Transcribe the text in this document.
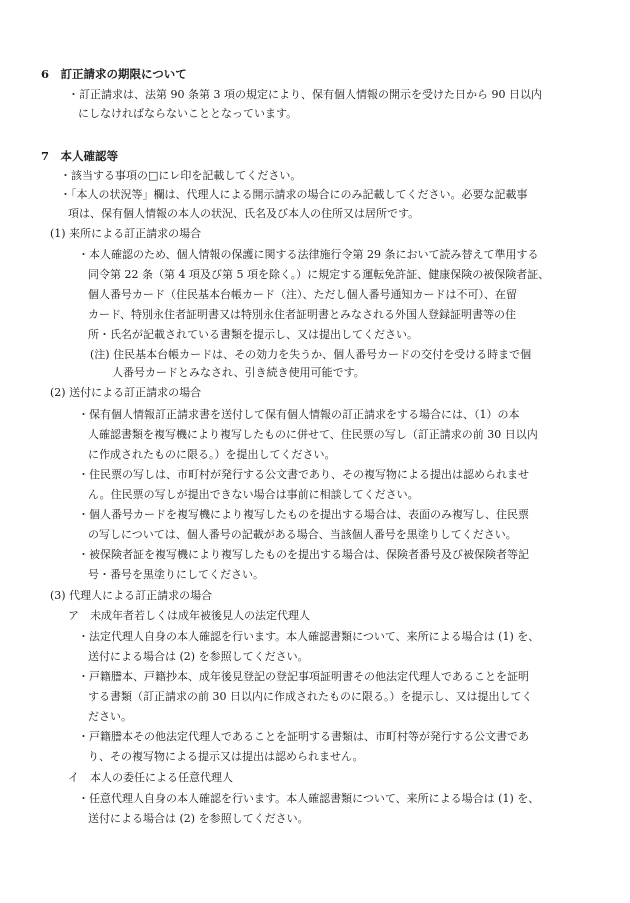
6　訂正請求の期限について
・訂正請求は、法第 90 条第 3 項の規定により、保有個人情報の開示を受けた日から 90 日以内
にしなければならないこととなっています。
7　本人確認等
・該当する事項の□にレ印を記載してください。
・「本人の状況等」欄は、代理人による開示請求の場合にのみ記載してください。必要な記載事
項は、保有個人情報の本人の状況、氏名及び本人の住所又は居所です。
(1) 来所による訂正請求の場合
・本人確認のため、個人情報の保護に関する法律施行令第 29 条において読み替えて準用する
同令第 22 条（第 4 項及び第 5 項を除く。）に規定する運転免許証、健康保険の被保険者証、
個人番号カード（住民基本台帳カード（注）、ただし個人番号通知カードは不可）、在留
カード、特別永住者証明書又は特別永住者証明書とみなされる外国人登録証明書等の住
所・氏名が記載されている書類を提示し、又は提出してください。
(注) 住民基本台帳カードは、その効力を失うか、個人番号カードの交付を受ける時まで個
人番号カードとみなされ、引き続き使用可能です。
(2) 送付による訂正請求の場合
・保有個人情報訂正請求書を送付して保有個人情報の訂正請求をする場合には、（1）の本
人確認書類を複写機により複写したものに併せて、住民票の写し（訂正請求の前 30 日以内
に作成されたものに限る。）を提出してください。
・住民票の写しは、市町村が発行する公文書であり、その複写物による提出は認められませ
ん。住民票の写しが提出できない場合は事前に相談してください。
・個人番号カードを複写機により複写したものを提出する場合は、表面のみ複写し、住民票
の写しについては、個人番号の記載がある場合、当該個人番号を黒塗りしてください。
・被保険者証を複写機により複写したものを提出する場合は、保険者番号及び被保険者等記
号・番号を黒塗りにしてください。
(3) 代理人による訂正請求の場合
ア　未成年者若しくは成年被後見人の法定代理人
・法定代理人自身の本人確認を行います。本人確認書類について、来所による場合は (1) を、
送付による場合は (2) を参照してください。
・戸籍謄本、戸籍抄本、成年後見登記の登記事項証明書その他法定代理人であることを証明
する書類（訂正請求の前 30 日以内に作成されたものに限る。）を提示し、又は提出してく
ださい。
・戸籍謄本その他法定代理人であることを証明する書類は、市町村等が発行する公文書であ
り、その複写物による提示又は提出は認められません。
イ　本人の委任による任意代理人
・任意代理人自身の本人確認を行います。本人確認書類について、来所による場合は (1) を、
送付による場合は (2) を参照してください。
